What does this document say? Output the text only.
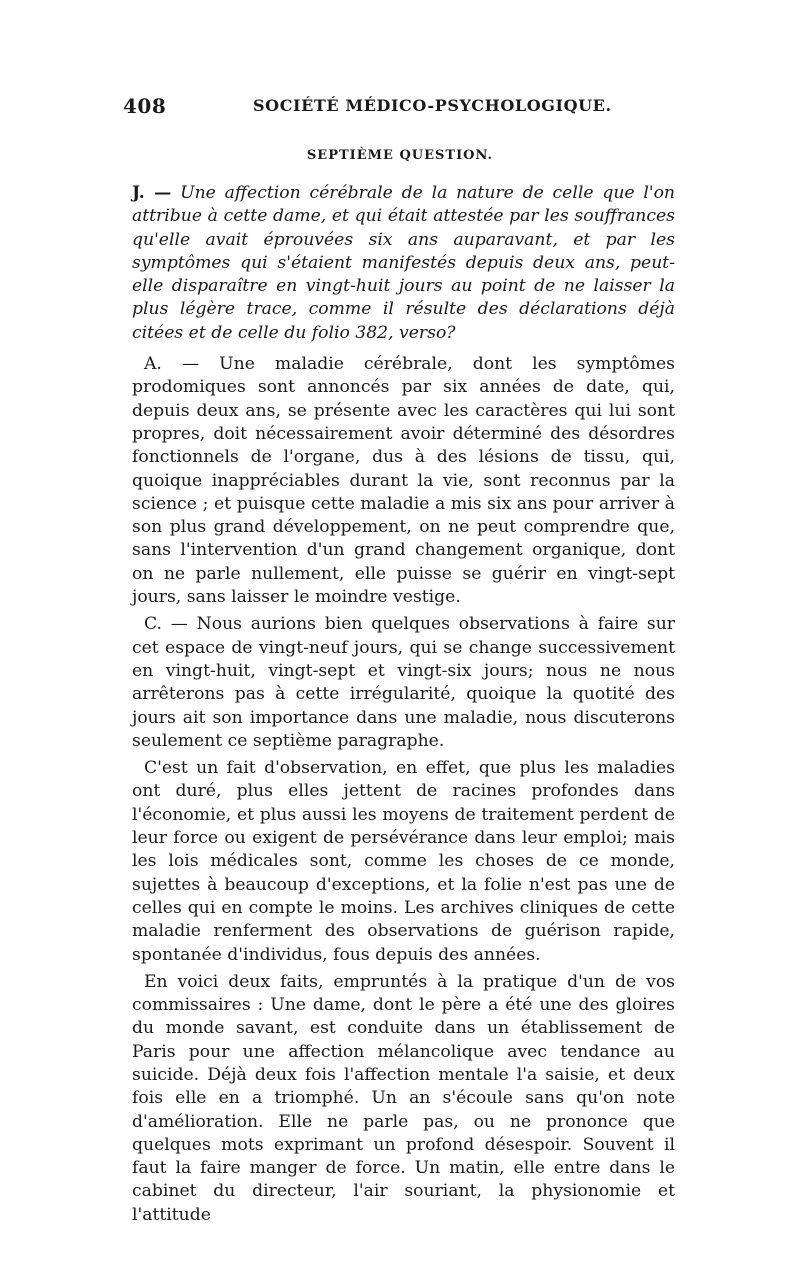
408	SOCIÉTÉ MÉDICO-PSYCHOLOGIQUE.
SEPTIÈME QUESTION.

J. — Une affection cérébrale de la nature de celle que l'on attribue à cette dame, et qui était attestée par les souffrances qu'elle avait éprouvées six ans auparavant, et par les symptômes qui s'étaient manifestés depuis deux ans, peut-elle disparaître en vingt-huit jours au point de ne laisser la plus légère trace, comme il résulte des déclarations déjà citées et de celle du folio 382, verso?

A. — Une maladie cérébrale, dont les symptômes prodomiques sont annoncés par six années de date, qui, depuis deux ans, se présente avec les caractères qui lui sont propres, doit nécessairement avoir déterminé des désordres fonctionnels de l'organe, dus à des lésions de tissu, qui, quoique inappréciables durant la vie, sont reconnus par la science ; et puisque cette maladie a mis six ans pour arriver à son plus grand développement, on ne peut comprendre que, sans l'intervention d'un grand changement organique, dont on ne parle nullement, elle puisse se guérir en vingt-sept jours, sans laisser le moindre vestige.

C. — Nous aurions bien quelques observations à faire sur cet espace de vingt-neuf jours, qui se change successivement en vingt-huit, vingt-sept et vingt-six jours; nous ne nous arrêterons pas à cette irrégularité, quoique la quotité des jours ait son importance dans une maladie, nous discuterons seulement ce septième paragraphe.

C'est un fait d'observation, en effet, que plus les maladies ont duré, plus elles jettent de racines profondes dans l'économie, et plus aussi les moyens de traitement perdent de leur force ou exigent de persévérance dans leur emploi; mais les lois médicales sont, comme les choses de ce monde, sujettes à beaucoup d'exceptions, et la folie n'est pas une de celles qui en compte le moins. Les archives cliniques de cette maladie renferment des observations de guérison rapide, spontanée d'individus, fous depuis des années.

En voici deux faits, empruntés à la pratique d'un de vos commissaires : Une dame, dont le père a été une des gloires du monde savant, est conduite dans un établissement de Paris pour une affection mélancolique avec tendance au suicide. Déjà deux fois l'affection mentale l'a saisie, et deux fois elle en a triomphé. Un an s'écoule sans qu'on note d'amélioration. Elle ne parle pas, ou ne prononce que quelques mots exprimant un profond désespoir. Souvent il faut la faire manger de force. Un matin, elle entre dans le cabinet du directeur, l'air souriant, la physionomie et l'attitude
